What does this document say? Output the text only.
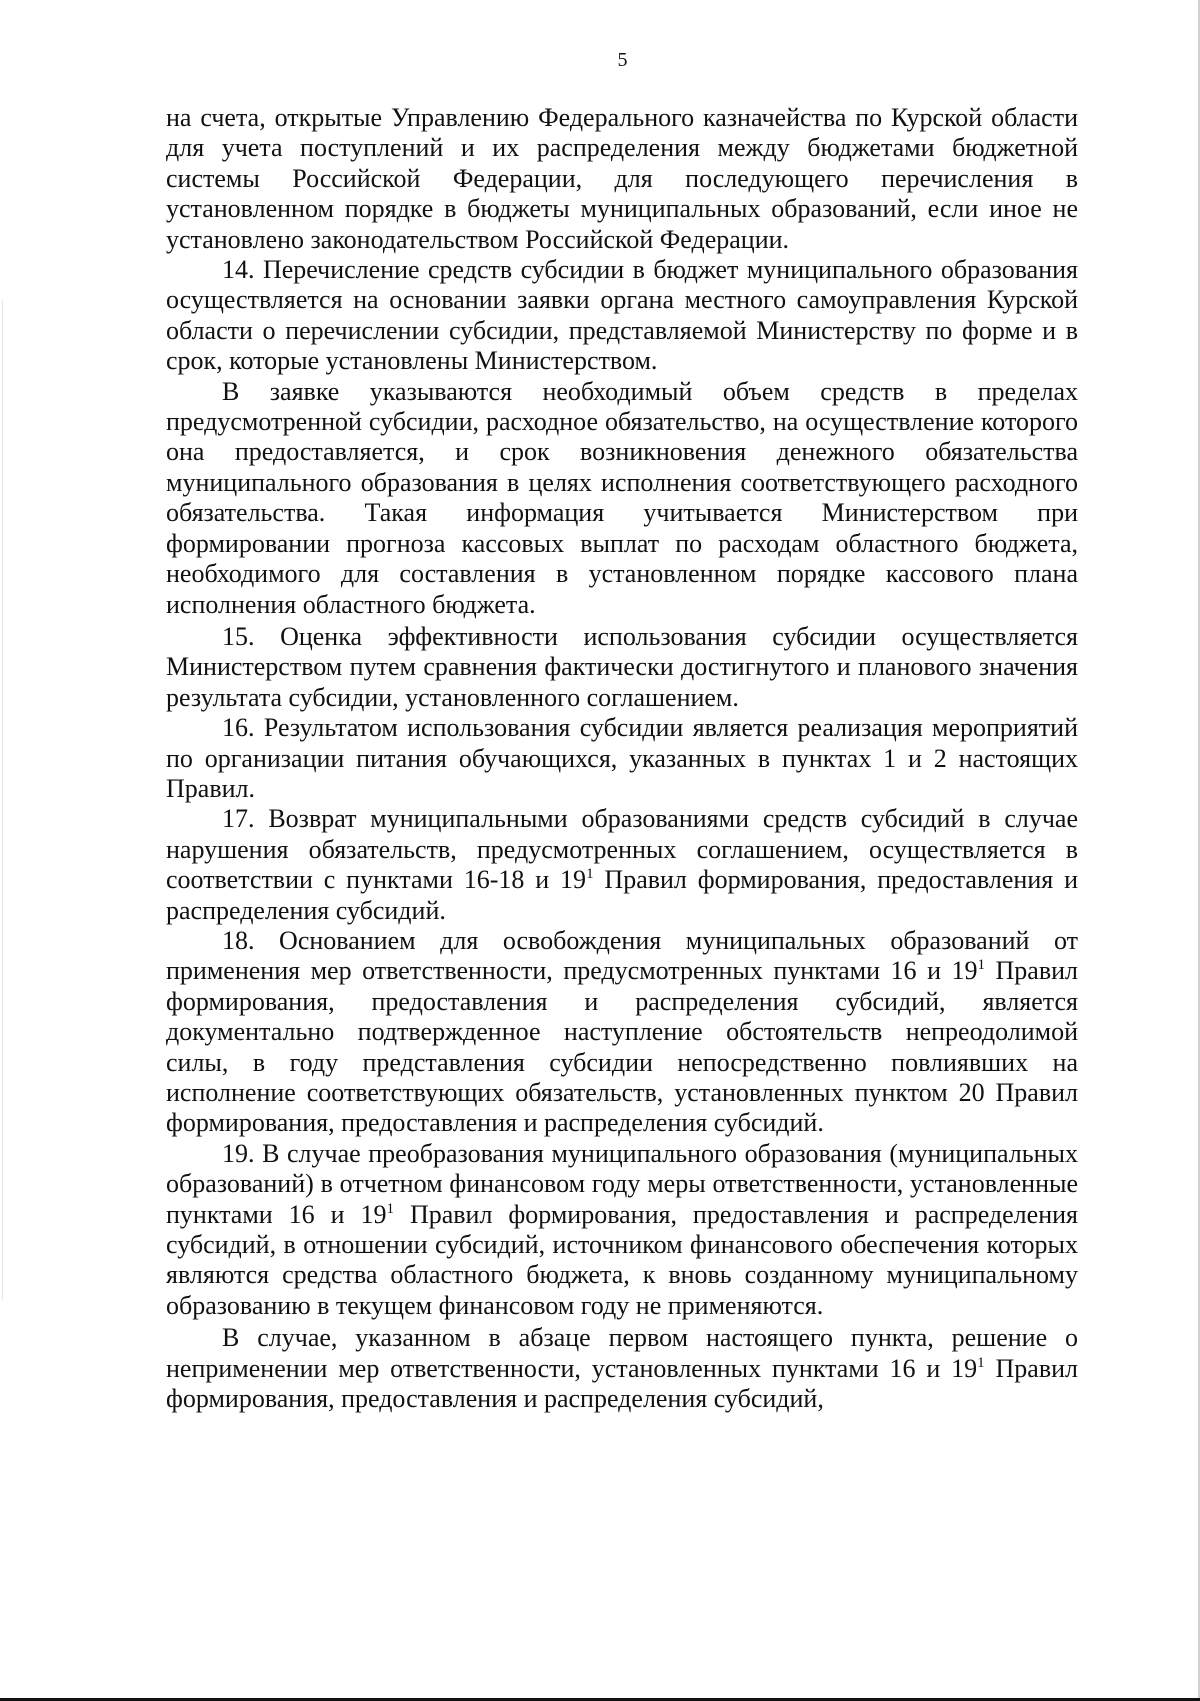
5

на счета, открытые Управлению Федерального казначейства по Курской области для учета поступлений и их распределения между бюджетами бюджетной системы Российской Федерации, для последующего перечисления в установленном порядке в бюджеты муниципальных образований, если иное не установлено законодательством Российской Федерации.

14. Перечисление средств субсидии в бюджет муниципального образования осуществляется на основании заявки органа местного самоуправления Курской области о перечислении субсидии, представляемой Министерству по форме и в срок, которые установлены Министерством.

В заявке указываются необходимый объем средств в пределах предусмотренной субсидии, расходное обязательство, на осуществление которого она предоставляется, и срок возникновения денежного обязательства муниципального образования в целях исполнения соответствующего расходного обязательства. Такая информация учитывается Министерством при формировании прогноза кассовых выплат по расходам областного бюджета, необходимого для составления в установленном порядке кассового плана исполнения областного бюджета.

15. Оценка эффективности использования субсидии осуществляется Министерством путем сравнения фактически достигнутого и планового значения результата субсидии, установленного соглашением.

16. Результатом использования субсидии является реализация мероприятий по организации питания обучающихся, указанных в пунктах 1 и 2 настоящих Правил.

17. Возврат муниципальными образованиями средств субсидий в случае нарушения обязательств, предусмотренных соглашением, осуществляется в соответствии с пунктами 16-18 и $19^1$ Правил формирования, предоставления и распределения субсидий.

18. Основанием для освобождения муниципальных образований от применения мер ответственности, предусмотренных пунктами 16 и $19^1$ Правил формирования, предоставления и распределения субсидий, является документально подтвержденное наступление обстоятельств непреодолимой силы, в году представления субсидии непосредственно повлиявших на исполнение соответствующих обязательств, установленных пунктом 20 Правил формирования, предоставления и распределения субсидий.

19. В случае преобразования муниципального образования (муниципальных образований) в отчетном финансовом году меры ответственности, установленные пунктами 16 и $19^1$ Правил формирования, предоставления и распределения субсидий, в отношении субсидий, источником финансового обеспечения которых являются средства областного бюджета, к вновь созданному муниципальному образованию в текущем финансовом году не применяются.

В случае, указанном в абзаце первом настоящего пункта, решение о неприменении мер ответственности, установленных пунктами 16 и $19^1$ Правил формирования, предоставления и распределения субсидий,
